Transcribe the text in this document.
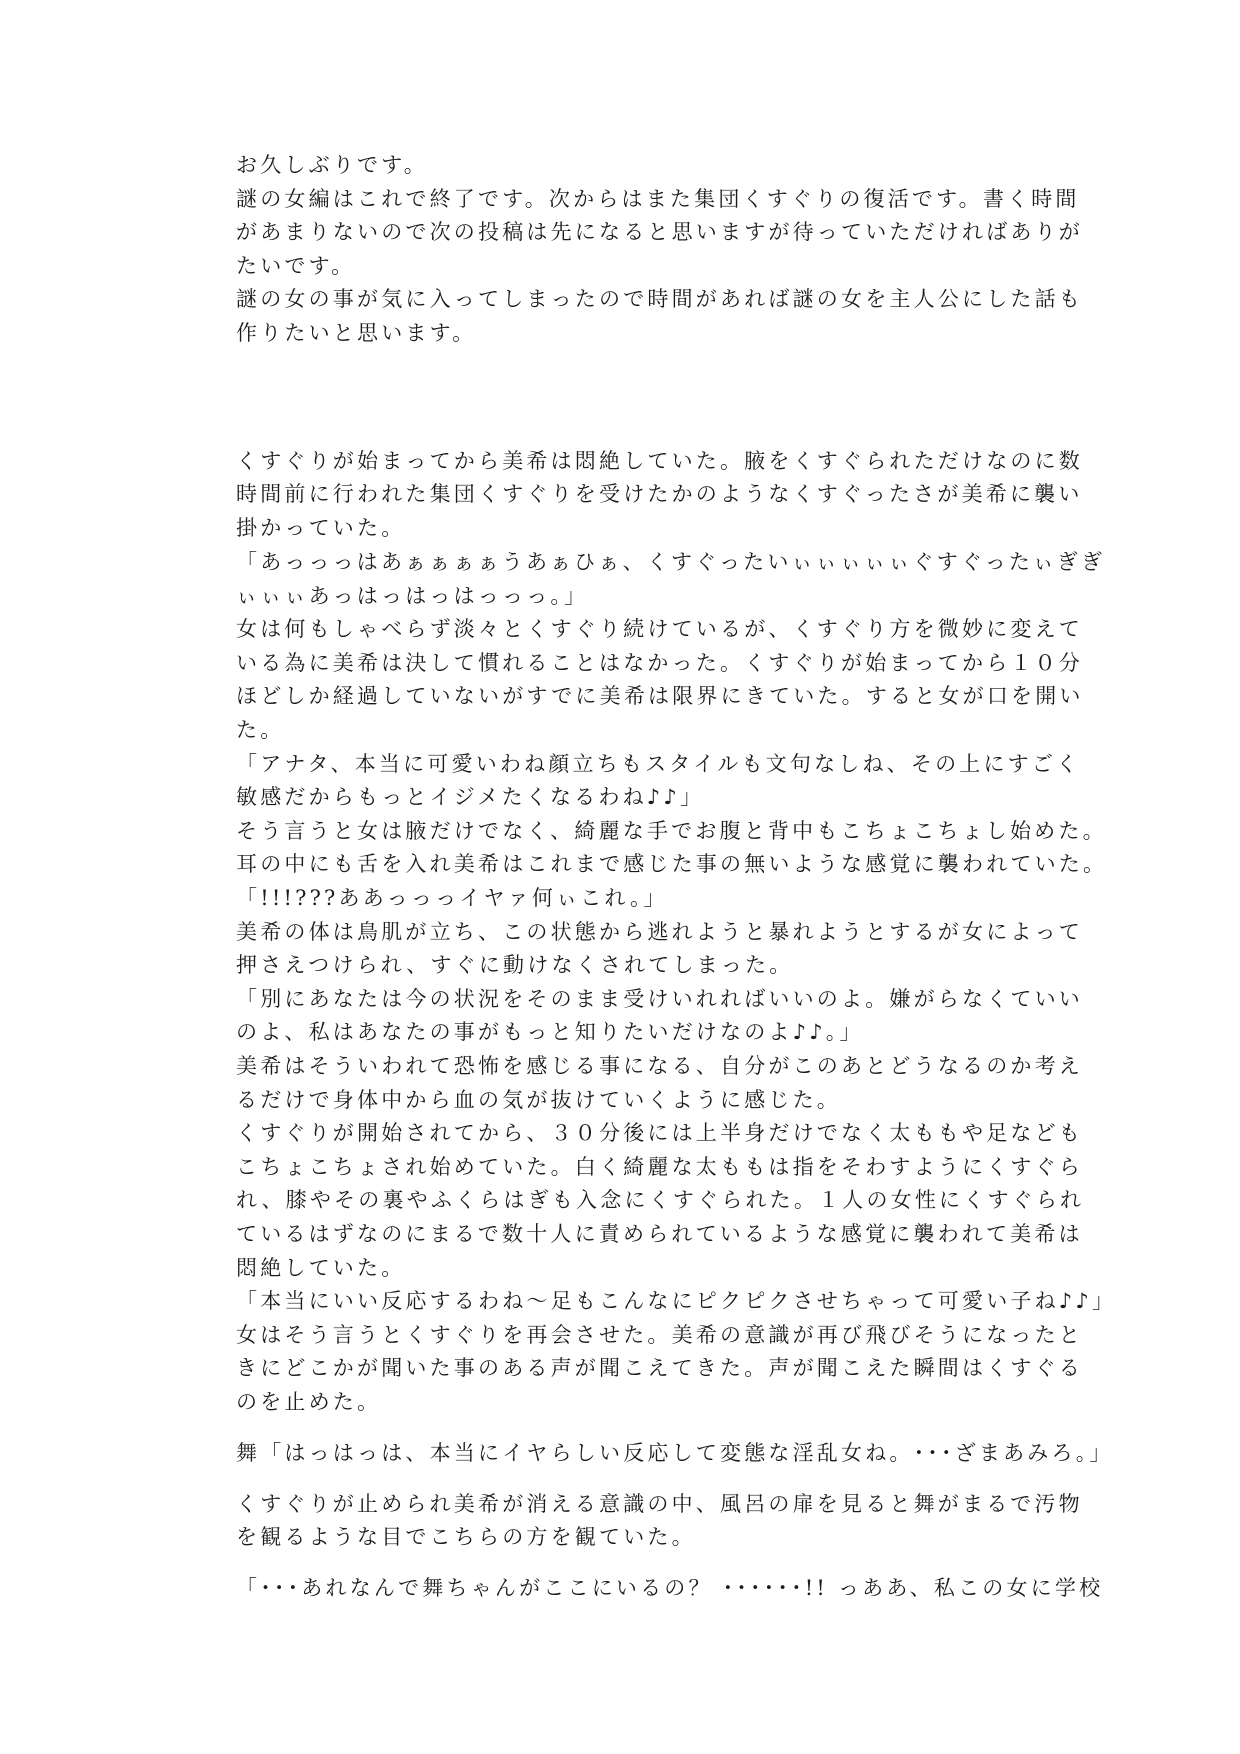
お久しぶりです。
謎の女編はこれで終了です。次からはまた集団くすぐりの復活です。書く時間
があまりないので次の投稿は先になると思いますが待っていただければありが
たいです。
謎の女の事が気に入ってしまったので時間があれば謎の女を主人公にした話も
作りたいと思います。
くすぐりが始まってから美希は悶絶していた。腋をくすぐられただけなのに数
時間前に行われた集団くすぐりを受けたかのようなくすぐったさが美希に襲い
掛かっていた。
「あっっっはあぁぁぁぁうあぁひぁ、くすぐったいぃぃぃぃぃぐすぐったぃぎぎ
ぃぃぃあっはっはっはっっっ。」
女は何もしゃべらず淡々とくすぐり続けているが、くすぐり方を微妙に変えて
いる為に美希は決して慣れることはなかった。くすぐりが始まってから１０分
ほどしか経過していないがすでに美希は限界にきていた。すると女が口を開い
た。
「アナタ、本当に可愛いわね顔立ちもスタイルも文句なしね、その上にすごく
敏感だからもっとイジメたくなるわね♪♪」
そう言うと女は腋だけでなく、綺麗な手でお腹と背中もこちょこちょし始めた。
耳の中にも舌を入れ美希はこれまで感じた事の無いような感覚に襲われていた。
「!!!???ああっっっイヤァ何ぃこれ。」
美希の体は鳥肌が立ち、この状態から逃れようと暴れようとするが女によって
押さえつけられ、すぐに動けなくされてしまった。
「別にあなたは今の状況をそのまま受けいれればいいのよ。嫌がらなくていい
のよ、私はあなたの事がもっと知りたいだけなのよ♪♪。」
美希はそういわれて恐怖を感じる事になる、自分がこのあとどうなるのか考え
るだけで身体中から血の気が抜けていくように感じた。
くすぐりが開始されてから、３０分後には上半身だけでなく太ももや足なども
こちょこちょされ始めていた。白く綺麗な太ももは指をそわすようにくすぐら
れ、膝やその裏やふくらはぎも入念にくすぐられた。１人の女性にくすぐられ
ているはずなのにまるで数十人に責められているような感覚に襲われて美希は
悶絶していた。
「本当にいい反応するわね～足もこんなにピクピクさせちゃって可愛い子ね♪♪」
女はそう言うとくすぐりを再会させた。美希の意識が再び飛びそうになったと
きにどこかが聞いた事のある声が聞こえてきた。声が聞こえた瞬間はくすぐる
のを止めた。
舞「はっはっは、本当にイヤらしい反応して変態な淫乱女ね。･･･ざまあみろ。」
くすぐりが止められ美希が消える意識の中、風呂の扉を見ると舞がまるで汚物
を観るような目でこちらの方を観ていた。
「･･･あれなんで舞ちゃんがここにいるの？ ･･････!! っああ、私この女に学校
